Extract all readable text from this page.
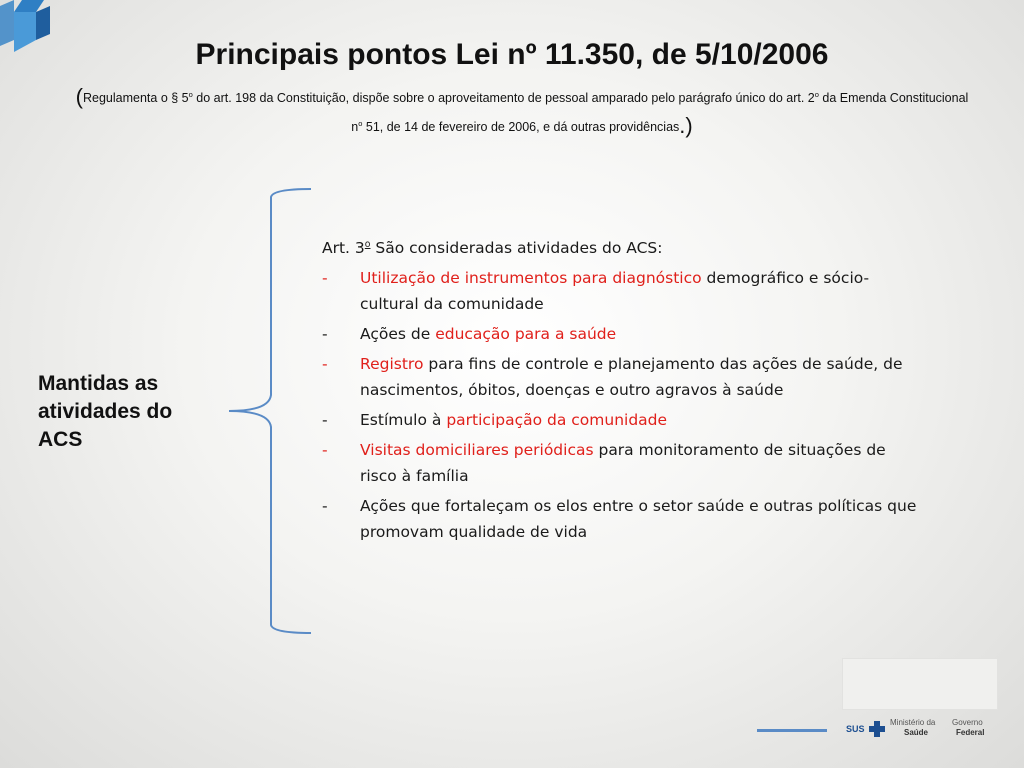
Principais pontos Lei nº 11.350, de 5/10/2006
(Regulamenta o § 5$^o$ do art. 198 da Constituição, dispõe sobre o aproveitamento de pessoal amparado pelo parágrafo único do art. 2$^o$ da Emenda Constitucional $n^o$ 51, de 14 de fevereiro de 2006, e dá outras providências.)
Mantidas as atividades do ACS
Art. 3$^o$ São consideradas atividades do ACS:
-	Utilização de instrumentos para diagnóstico demográfico e sócio-cultural da comunidade
-	Ações de educação para a saúde
-	Registro para fins de controle e planejamento das ações de saúde, de nascimentos, óbitos, doenças e outro agravos à saúde
-	Estímulo à participação da comunidade
-	Visitas domiciliares periódicas para monitoramento de situações de risco à família
-	Ações que fortaleçam os elos entre o setor saúde e outras políticas que promovam qualidade de vida
SUS
Ministério da
Saúde
Governo
Federal
